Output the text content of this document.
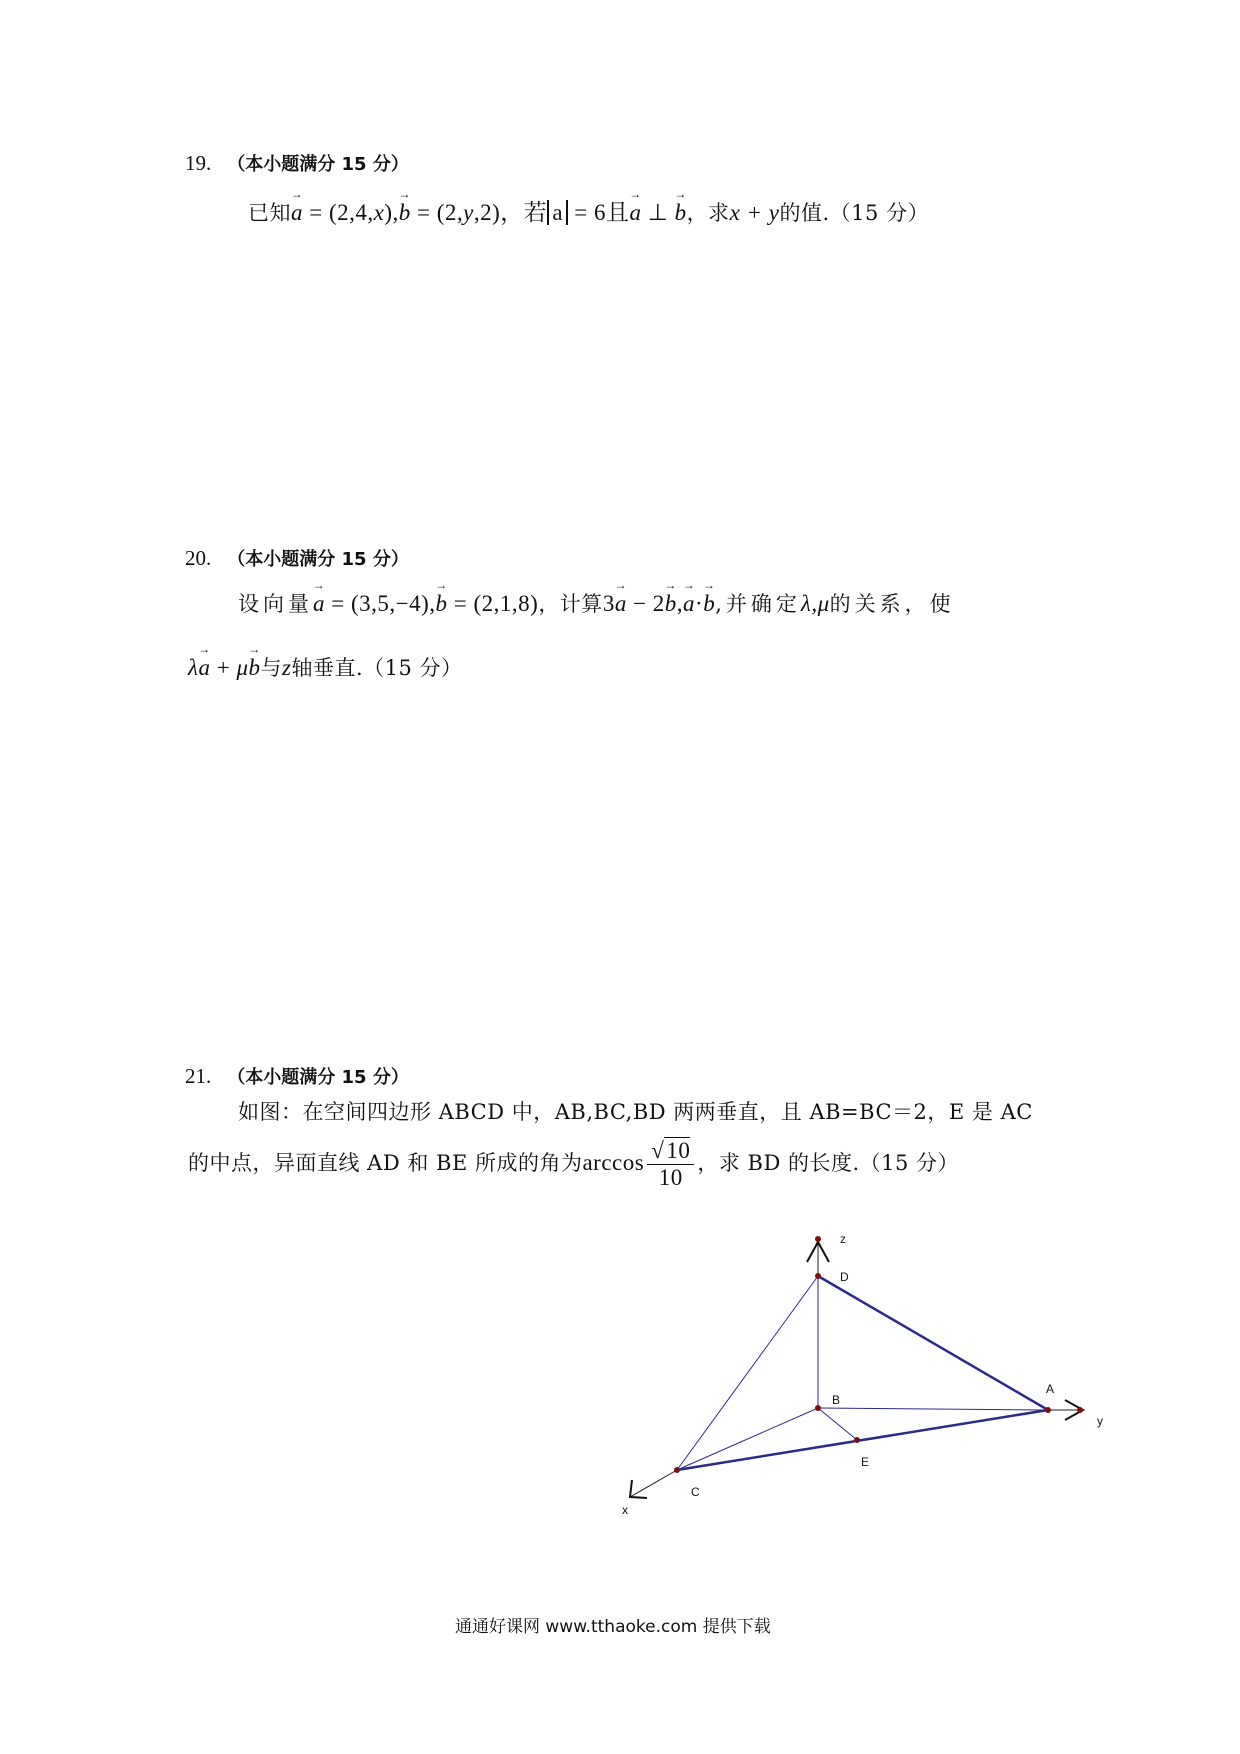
19. （本小题满分 15 分）
已知a → = (2,4,x),b → = (2,y,2)，若 a = 6且a → ⊥ b →，求x + y的值.（15 分）
20. （本小题满分 15 分）
设向量a → = (3,5,−4),b → = (2,1,8)，计算3a → − 2b →,a →·b →,并确定λ,μ的关系，使
λa → + μb →与z轴垂直.（15 分）
21. （本小题满分 15 分）
如图：在空间四边形 ABCD 中，AB,BC,BD 两两垂直，且 AB=BC＝2，E 是 AC
的中点，异面直线 AD 和 BE 所成的角为$\arccos \frac{√10}{10}$ ，求 BD 的长度.（15 分）
z
D
B
A
y
E
C
x
通通好课网 www.tthaoke.com 提供下载
